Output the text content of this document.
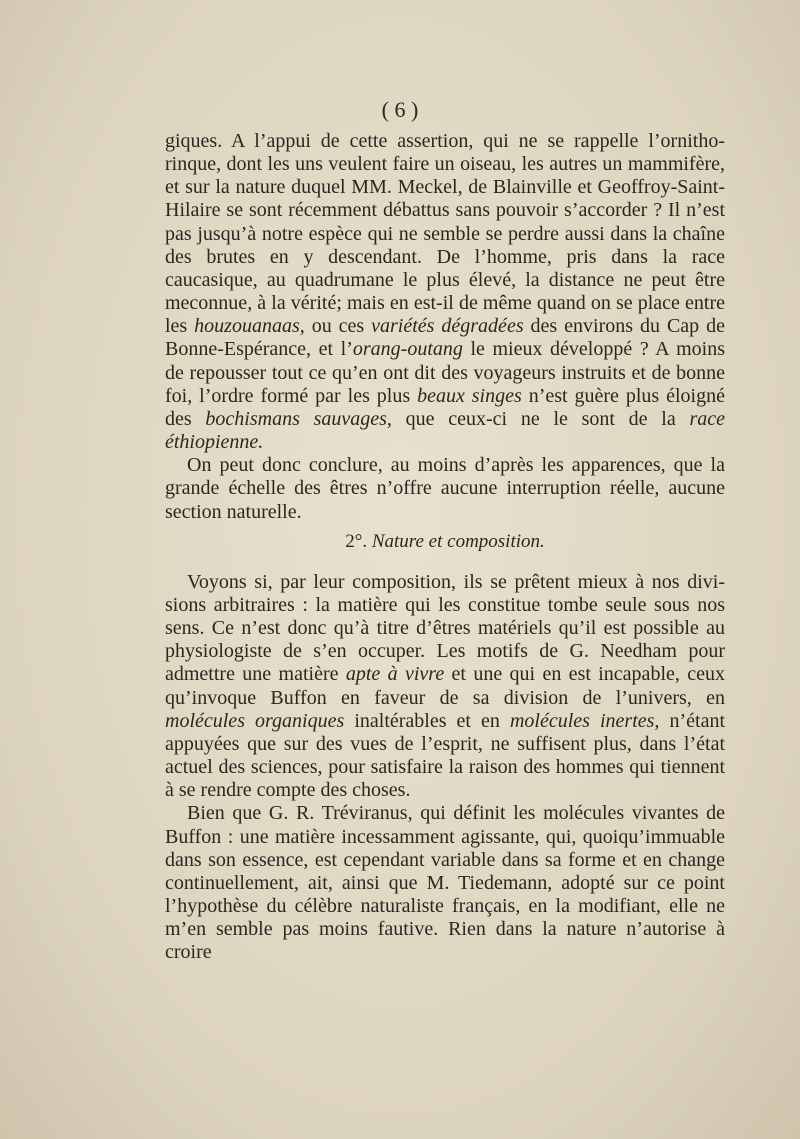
( 6 )

giques. A l’appui de cette assertion, qui ne se rappelle l’ornithorinque, dont les uns veulent faire un oiseau, les autres un mammifère, et sur la nature duquel MM. Meckel, de Blainville et Geoffroy-Saint-Hilaire se sont récemment débattus sans pouvoir s’accorder ? Il n’est pas jusqu’à notre espèce qui ne semble se perdre aussi dans la chaîne des brutes en y descendant. De l’homme, pris dans la race caucasique, au quadrumane le plus élevé, la distance ne peut être meconnue, à la vérité; mais en est-il de même quand on se place entre les houzouanaas, ou ces variétés dégradées des environs du Cap de Bonne-Espérance, et l’orang-outang le mieux développé ? A moins de repousser tout ce qu’en ont dit des voyageurs instruits et de bonne foi, l’ordre formé par les plus beaux singes n’est guère plus éloigné des bochismans sauvages, que ceux-ci ne le sont de la race éthiopienne.

On peut donc conclure, au moins d’après les apparences, que la grande échelle des êtres n’offre aucune interruption réelle, aucune section naturelle.

2°. Nature et composition.

Voyons si, par leur composition, ils se prêtent mieux à nos divisions arbitraires : la matière qui les constitue tombe seule sous nos sens. Ce n’est donc qu’à titre d’êtres matériels qu’il est possible au physiologiste de s’en occuper. Les motifs de G. Needham pour admettre une matière apte à vivre et une qui en est incapable, ceux qu’invoque Buffon en faveur de sa division de l’univers, en molécules organiques inaltérables et en molécules inertes, n’étant appuyées que sur des vues de l’esprit, ne suffisent plus, dans l’état actuel des sciences, pour satisfaire la raison des hommes qui tiennent à se rendre compte des choses.

Bien que G. R. Tréviranus, qui définit les molécules vivantes de Buffon : une matière incessamment agissante, qui, quoiqu’immuable dans son essence, est cependant variable dans sa forme et en change continuellement, ait, ainsi que M. Tiedemann, adopté sur ce point l’hypothèse du célèbre naturaliste français, en la modifiant, elle ne m’en semble pas moins fautive. Rien dans la nature n’autorise à croire
